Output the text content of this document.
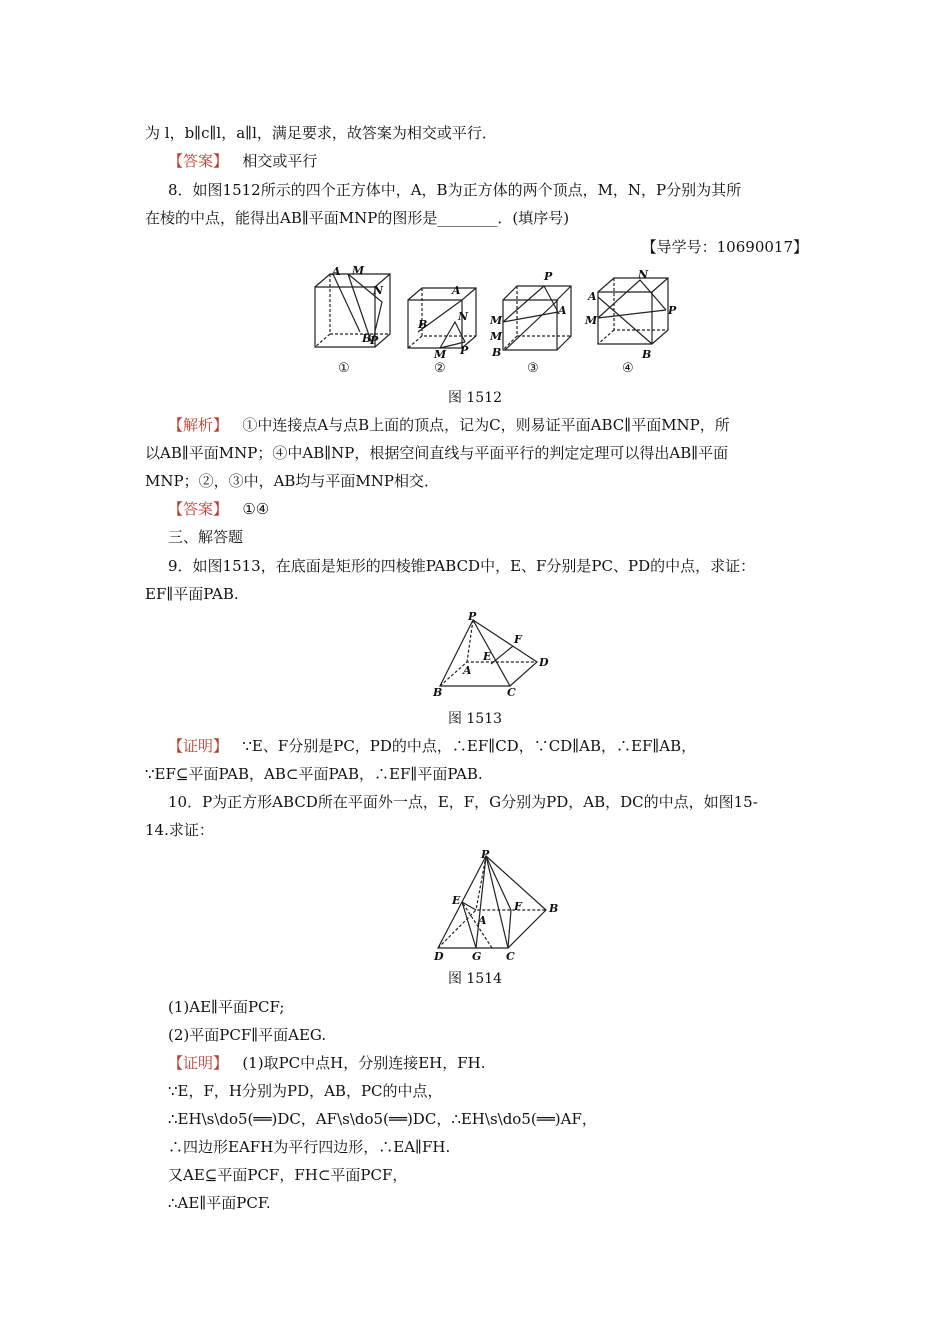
为 l，b∥c∥l，a∥l，满足要求，故答案为相交或平行．
【答案】 相交或平行
8．如图1512所示的四个正方体中，A，B为正方体的两个顶点，M，N，P分别为其所
在棱的中点，能得出AB∥平面MNP的图形是________．(填序号)
【导学号：10690017】
A M
N
B
P
A
B
N
M P
P
A
M
M
B
N
A
M
P
B
①	②	③	④
图 1512
【解析】 ①中连接点A与点B上面的顶点，记为C，则易证平面ABC∥平面MNP，所
以AB∥平面MNP；④中AB∥NP，根据空间直线与平面平行的判定定理可以得出AB∥平面
MNP；②，③中，AB均与平面MNP相交．
【答案】 ①④
三、解答题
9．如图1513，在底面是矩形的四棱锥PABCD中，E、F分别是PC、PD的中点，求证：
EF∥平面PAB.
P
F
E	D
A
B	C
图 1513
【证明】 ∵E、F分别是PC，PD的中点，∴EF∥CD，∵CD∥AB，∴EF∥AB，
∵EF⊆平面PAB，AB⊂平面PAB，∴EF∥平面PAB.
10．P为正方形ABCD所在平面外一点，E，F，G分别为PD，AB，DC的中点，如图15-
14.求证：
P
E	F B
A
D	G C
图 1514
(1)AE∥平面PCF;
(2)平面PCF∥平面AEG.
【证明】 (1)取PC中点H，分别连接EH，FH.
∵E，F，H分别为PD，AB，PC的中点，
∴EH\s\do5(══)DC，AF\s\do5(══)DC，∴EH\s\do5(══)AF，
∴四边形EAFH为平行四边形，∴EA∥FH.
又AE⊆平面PCF，FH⊂平面PCF，
∴AE∥平面PCF.
